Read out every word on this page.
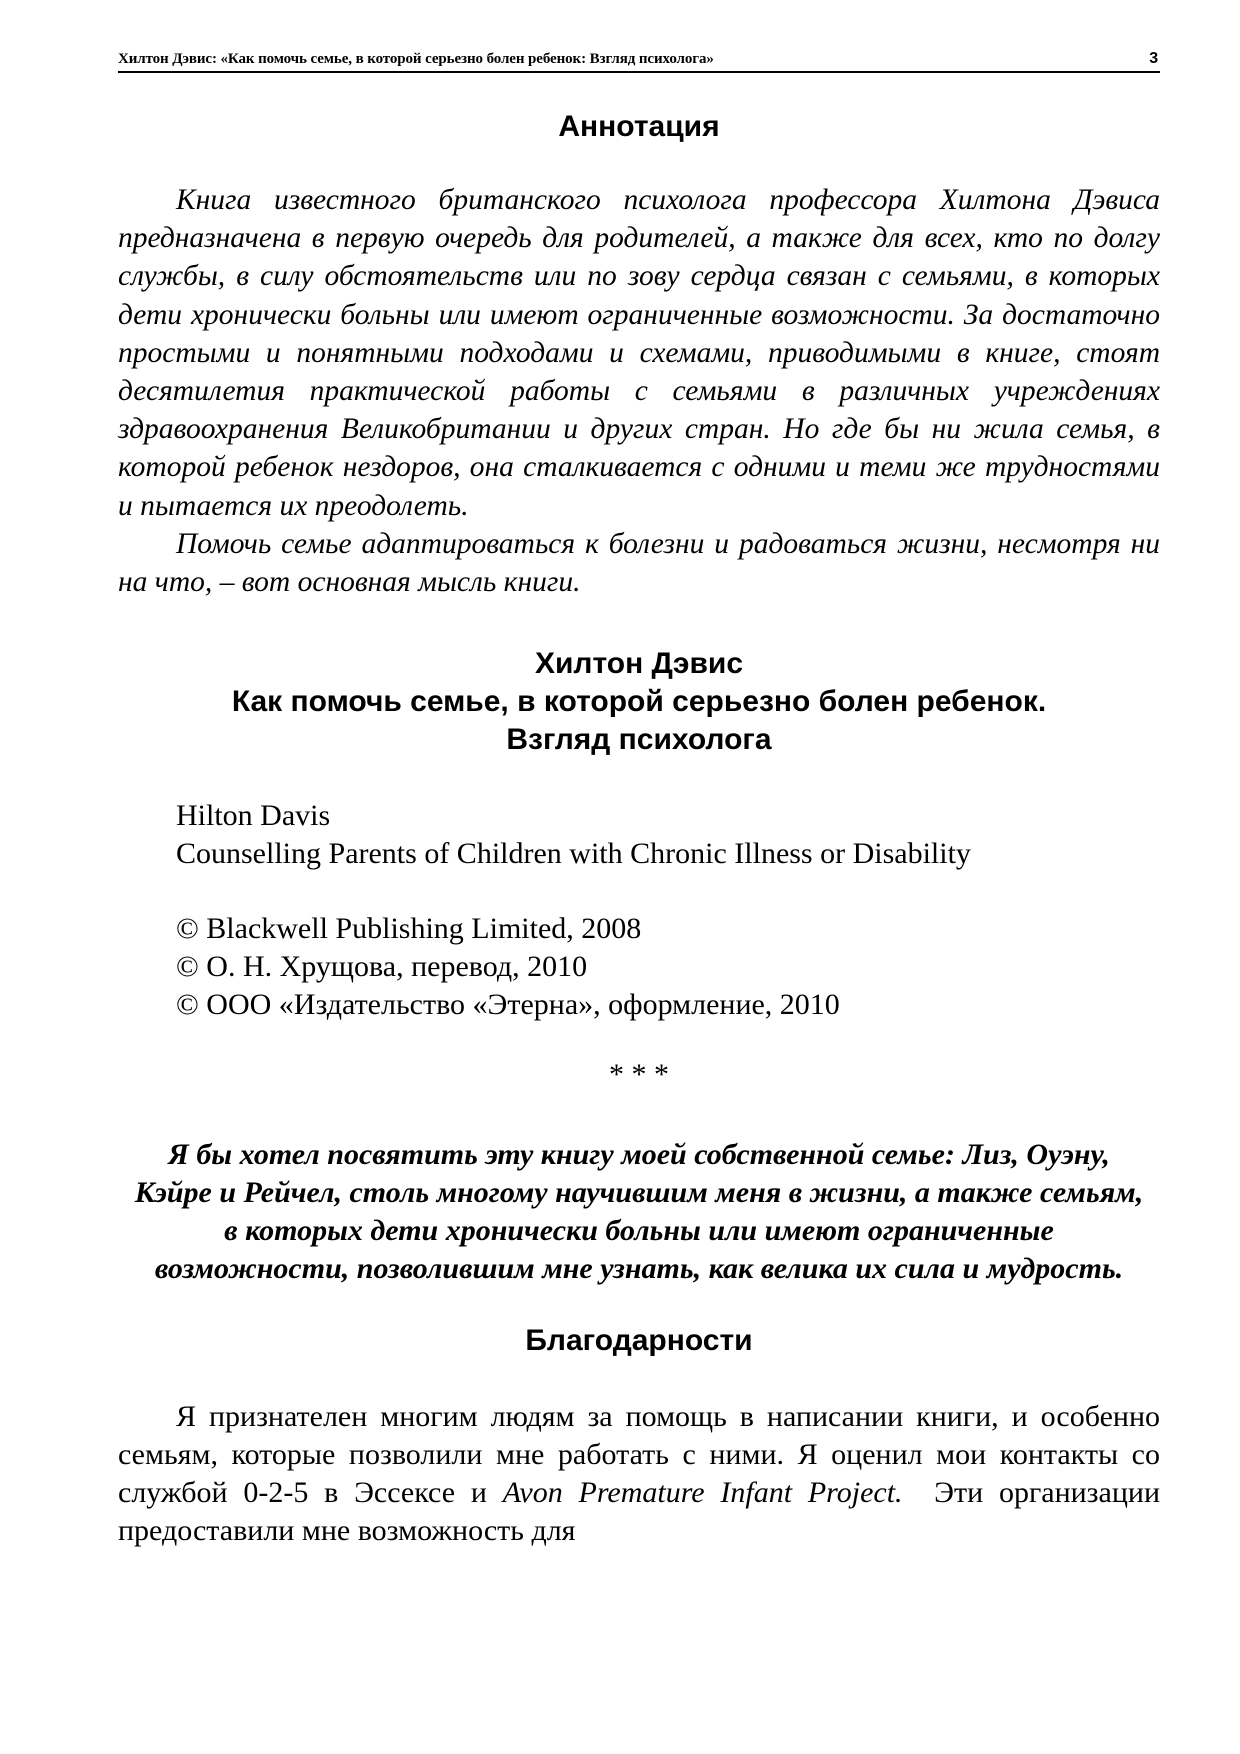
Хилтон Дэвис: «Как помочь семье, в которой серьезно болен ребенок: Взгляд психолога»	3
Аннотация

Книга известного британского психолога профессора Хилтона Дэвиса предназначена в первую очередь для родителей, а также для всех, кто по долгу службы, в силу обстоятельств или по зову сердца связан с семьями, в которых дети хронически больны или имеют ограниченные возможности. За достаточно простыми и понятными подходами и схемами, приводимыми в книге, стоят десятилетия практической работы с семьями в различных учреждениях здравоохранения Великобритании и других стран. Но где бы ни жила семья, в которой ребенок нездоров, она сталкивается с одними и теми же трудностями и пытается их преодолеть.

Помочь семье адаптироваться к болезни и радоваться жизни, несмотря ни на что, – вот основная мысль книги.

Хилтон Дэвис
Как помочь семье, в которой серьезно болен ребенок.
Взгляд психолога
Hilton Davis
Counselling Parents of Children with Chronic Illness or Disability
© Blackwell Publishing Limited, 2008
© О. Н. Хрущова, перевод, 2010
© ООО «Издательство «Этерна», оформление, 2010
* * *
Я бы хотел посвятить эту книгу моей собственной семье: Лиз, Оуэну, Кэйре и Рейчел, столь многому научившим меня в жизни, а также семьям, в которых дети хронически больны или имеют ограниченные возможности, позволившим мне узнать, как велика их сила и мудрость.
Благодарности

Я признателен многим людям за помощь в написании книги, и особенно семьям, которые позволили мне работать с ними. Я оценил мои контакты со службой 0-2-5 в Эссексе и Avon Premature Infant Project.  Эти организации предоставили мне возможность для
